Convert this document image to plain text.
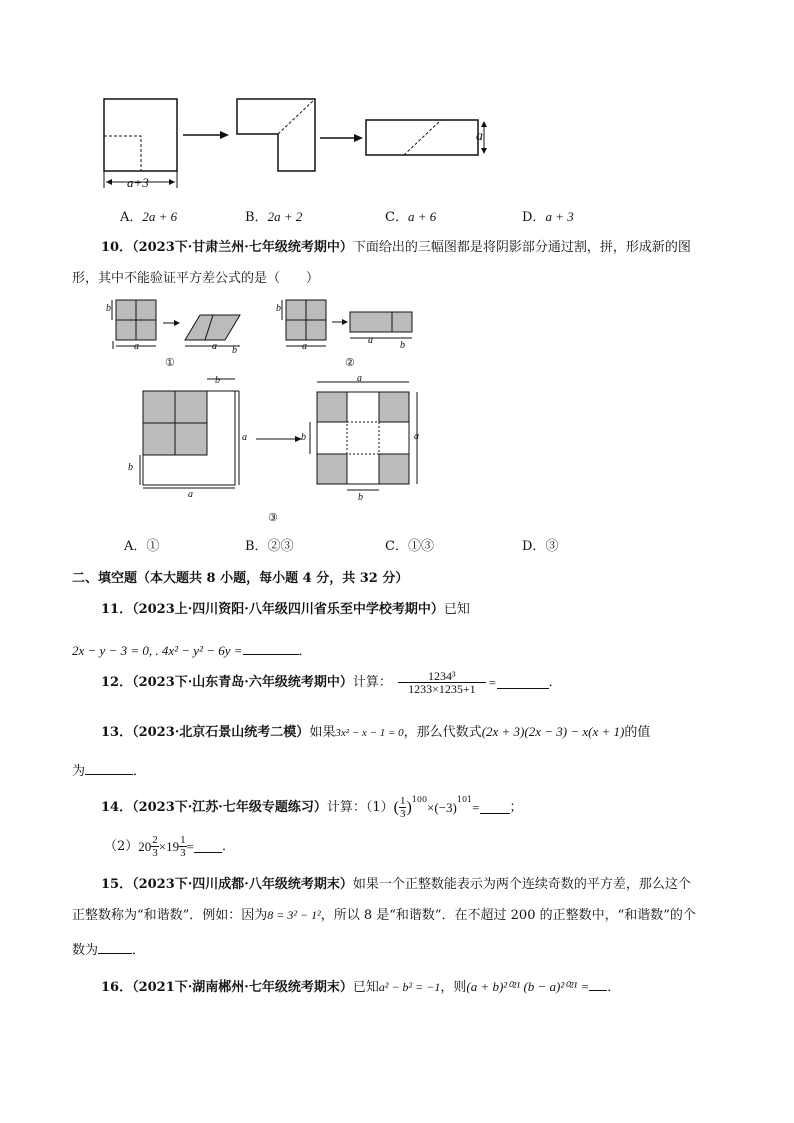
a+3
a
A．2a + 6	B．2a + 2	C．a + 6	D．a + 3
10．（2023下·甘肃兰州·七年级统考期中）下面给出的三幅图都是将阴影部分通过割，拼，形成新的图
形，其中不能验证平方差公式的是（　　）
b
a	a b
①
b
a
a	b
②
b
a
b
a
a
a
b
b
③
A．①	B．②③	C．①③	D．③
二、填空题（本大题共 8 小题，每小题 4 分，共 32 分）
11．（2023上·四川资阳·八年级四川省乐至中学校考期中）已知
2x − y − 3 = 0, . 4x² − y² − 6y =	．
12．（2023下·山东青岛·六年级统考期中）计算： $\frac{\text{1234³}}{1233\times 1235+1}$ =	．
13．（2023·北京石景山统考二模）如果3x² − x − 1 = 0，那么代数式(2x + 3)(2x − 3) − x(x + 1)的值
为	．
14．（2023下·江苏·七年级专题练习）计算：（1） ( 1
3 )$^{100} \times(-3)^{101}$ = ；
（2） $20 \frac{2}{3} \times 19 \frac{1}{3}$ = ．
15．（2023下·四川成都·八年级统考期末）如果一个正整数能表示为两个连续奇数的平方差，那么这个
正整数称为“和谐数”．例如：因为8 = 3² − 1²，所以 8 是“和谐数”．在不超过 200 的正整数中，“和谐数”的个
数为	．
16．（2021下·湖南郴州·七年级统考期末）已知a² − b² = −1，则(a + b)²⁰²¹ (b − a)²⁰²¹ = ．
